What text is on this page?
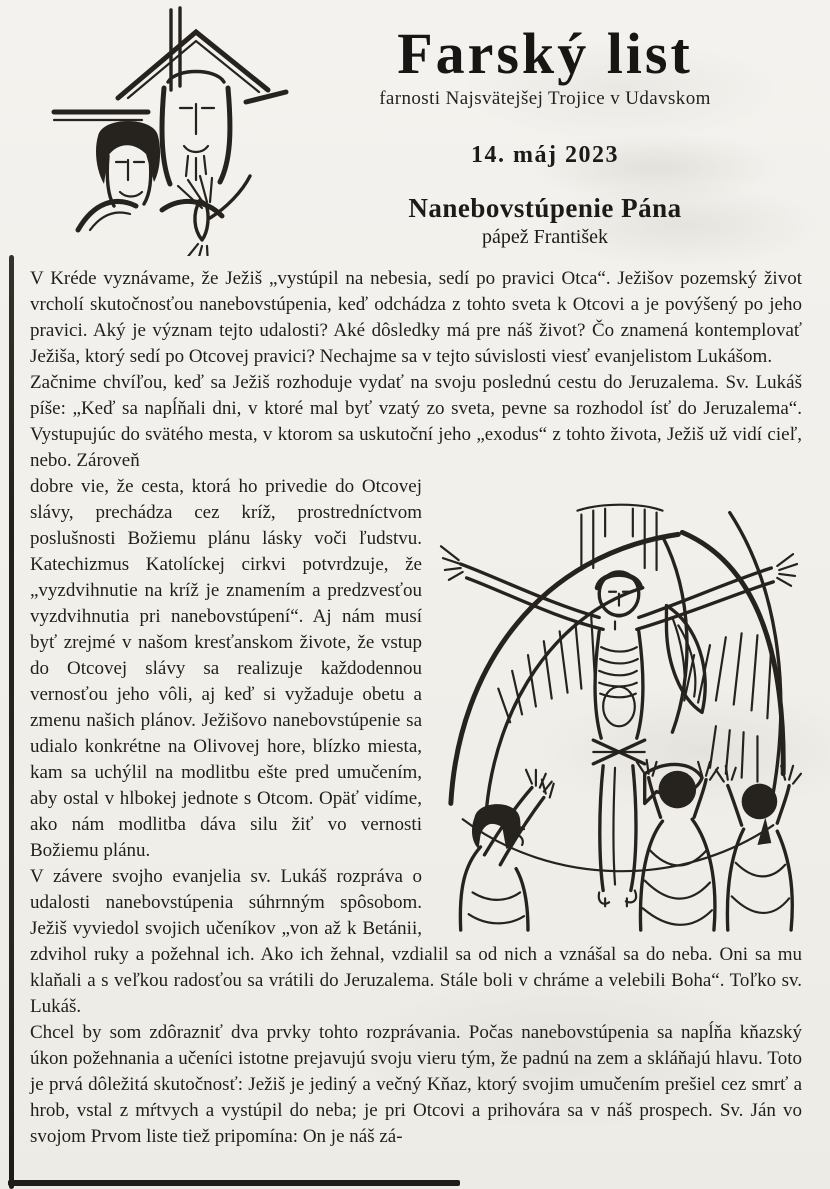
Farský list
farnosti Najsvätejšej Trojice v Udavskom
14. máj 2023
Nanebovstúpenie Pána
pápež František

V Kréde vyznávame, že Ježiš „vystúpil na nebesia, sedí po pravici Otca“. Ježišov pozemský život vrcholí skutočnosťou nanebovstúpenia, keď odchádza z tohto sveta k Otcovi a je povýšený po jeho pravici. Aký je význam tejto udalosti? Aké dôsledky má pre náš život? Čo znamená kontemplovať Ježiša, ktorý sedí po Otcovej pravici? Nechajme sa v tejto súvislosti viesť evanjelistom Lukášom.

Začnime chvíľou, keď sa Ježiš rozhoduje vydať na svoju poslednú cestu do Jeruzalema. Sv. Lukáš píše: „Keď sa napĺňali dni, v ktoré mal byť vzatý zo sveta, pevne sa rozhodol ísť do Jeruzalema“. Vystupujúc do svätého mesta, v ktorom sa uskutoční jeho „exodus“ z tohto života, Ježiš už vidí cieľ, nebo. Zároveň

dobre vie, že cesta, ktorá ho privedie do Otcovej slávy, prechádza cez kríž, prostredníctvom poslušnosti Božiemu plánu lásky voči ľudstvu. Katechizmus Katolíckej cirkvi potvrdzuje, že „vyzdvihnutie na kríž je znamením a predzvesťou vyzdvihnutia pri nanebovstúpení“. Aj nám musí byť zrejmé v našom kresťanskom živote, že vstup do Otcovej slávy sa realizuje každodennou vernosťou jeho vôli, aj keď si vyžaduje obetu a zmenu našich plánov. Ježišovo nanebovstúpenie sa udialo konkrétne na Olivovej hore, blízko miesta, kam sa uchýlil na modlitbu ešte pred umučením, aby ostal v hlbokej jednote s Otcom. Opäť vidíme, ako nám modlitba dáva silu žiť vo vernosti Božiemu plánu.

V závere svojho evanjelia sv. Lukáš rozpráva o udalosti nanebovstúpenia súhrnným spôsobom. Ježiš vyviedol svojich učeníkov „von až k Betánii, zdvihol ruky a požehnal ich. Ako ich žehnal, vzdialil sa od nich a vznášal sa do neba. Oni sa mu klaňali a s veľkou radosťou sa vrátili do Jeruzalema. Stále boli v chráme a velebili Boha“. Toľko sv. Lukáš.

Chcel by som zdôrazniť dva prvky tohto rozprávania. Počas nanebovstúpenia sa napĺňa kňazský úkon požehnania a učeníci istotne prejavujú svoju vieru tým, že padnú na zem a skláňajú hlavu. Toto je prvá dôležitá skutočnosť: Ježiš je jediný a večný Kňaz, ktorý svojim umučením prešiel cez smrť a hrob, vstal z mŕtvych a vystúpil do neba; je pri Otcovi a prihovára sa v náš prospech. Sv. Ján vo svojom Prvom liste tiež pripomína: On je náš zá-
